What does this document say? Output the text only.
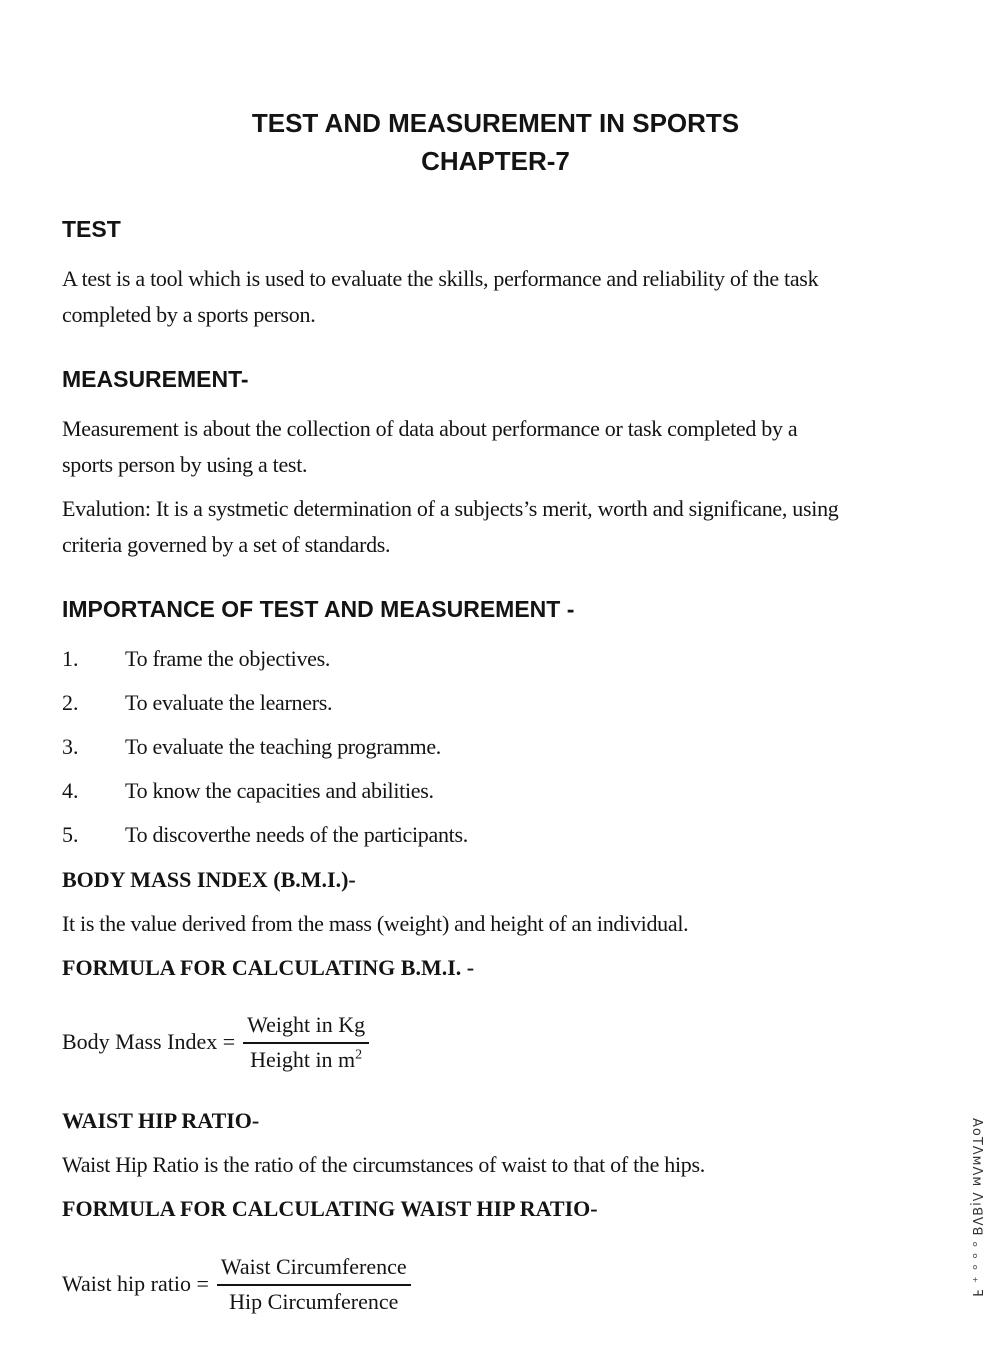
TEST AND MEASUREMENT IN SPORTS
CHAPTER-7
TEST
A test is a tool which is used to evaluate the skills, performance and reliability of the task
completed by a sports person.
MEASUREMENT-
Measurement is about the collection of data about performance or task completed by a
sports person by using a test.
Evalution: It is a systmetic determination of a subjects’s merit, worth and significane, using
criteria governed by a set of standards.
IMPORTANCE OF TEST AND MEASUREMENT -
1. To frame the objectives.
2. To evaluate the learners.
3. To evaluate the teaching programme.
4. To know the capacities and abilities.
5. To discoverthe needs of the participants.
BODY MASS INDEX (B.M.I.)-
It is the value derived from the mass (weight) and height of an individual.
FORMULA FOR CALCULATING B.M.I. -
Body Mass Index = $\frac{\text{Weight in Kg}}{Height in m^2}$
WAIST HIP RATIO-
Waist Hip Ratio is the ratio of the circumstances of waist to that of the hips.
FORMULA FOR CALCULATING WAIST HIP RATIO-
Waist hip ratio = $\frac{\text{Waist Circumference}}{\text{Hip Circumference}}$	AᴏTɅᴍɅᴍ ɅᴉꓭVꓭ ₒ ₒ ₒ ₊ ꟻ
